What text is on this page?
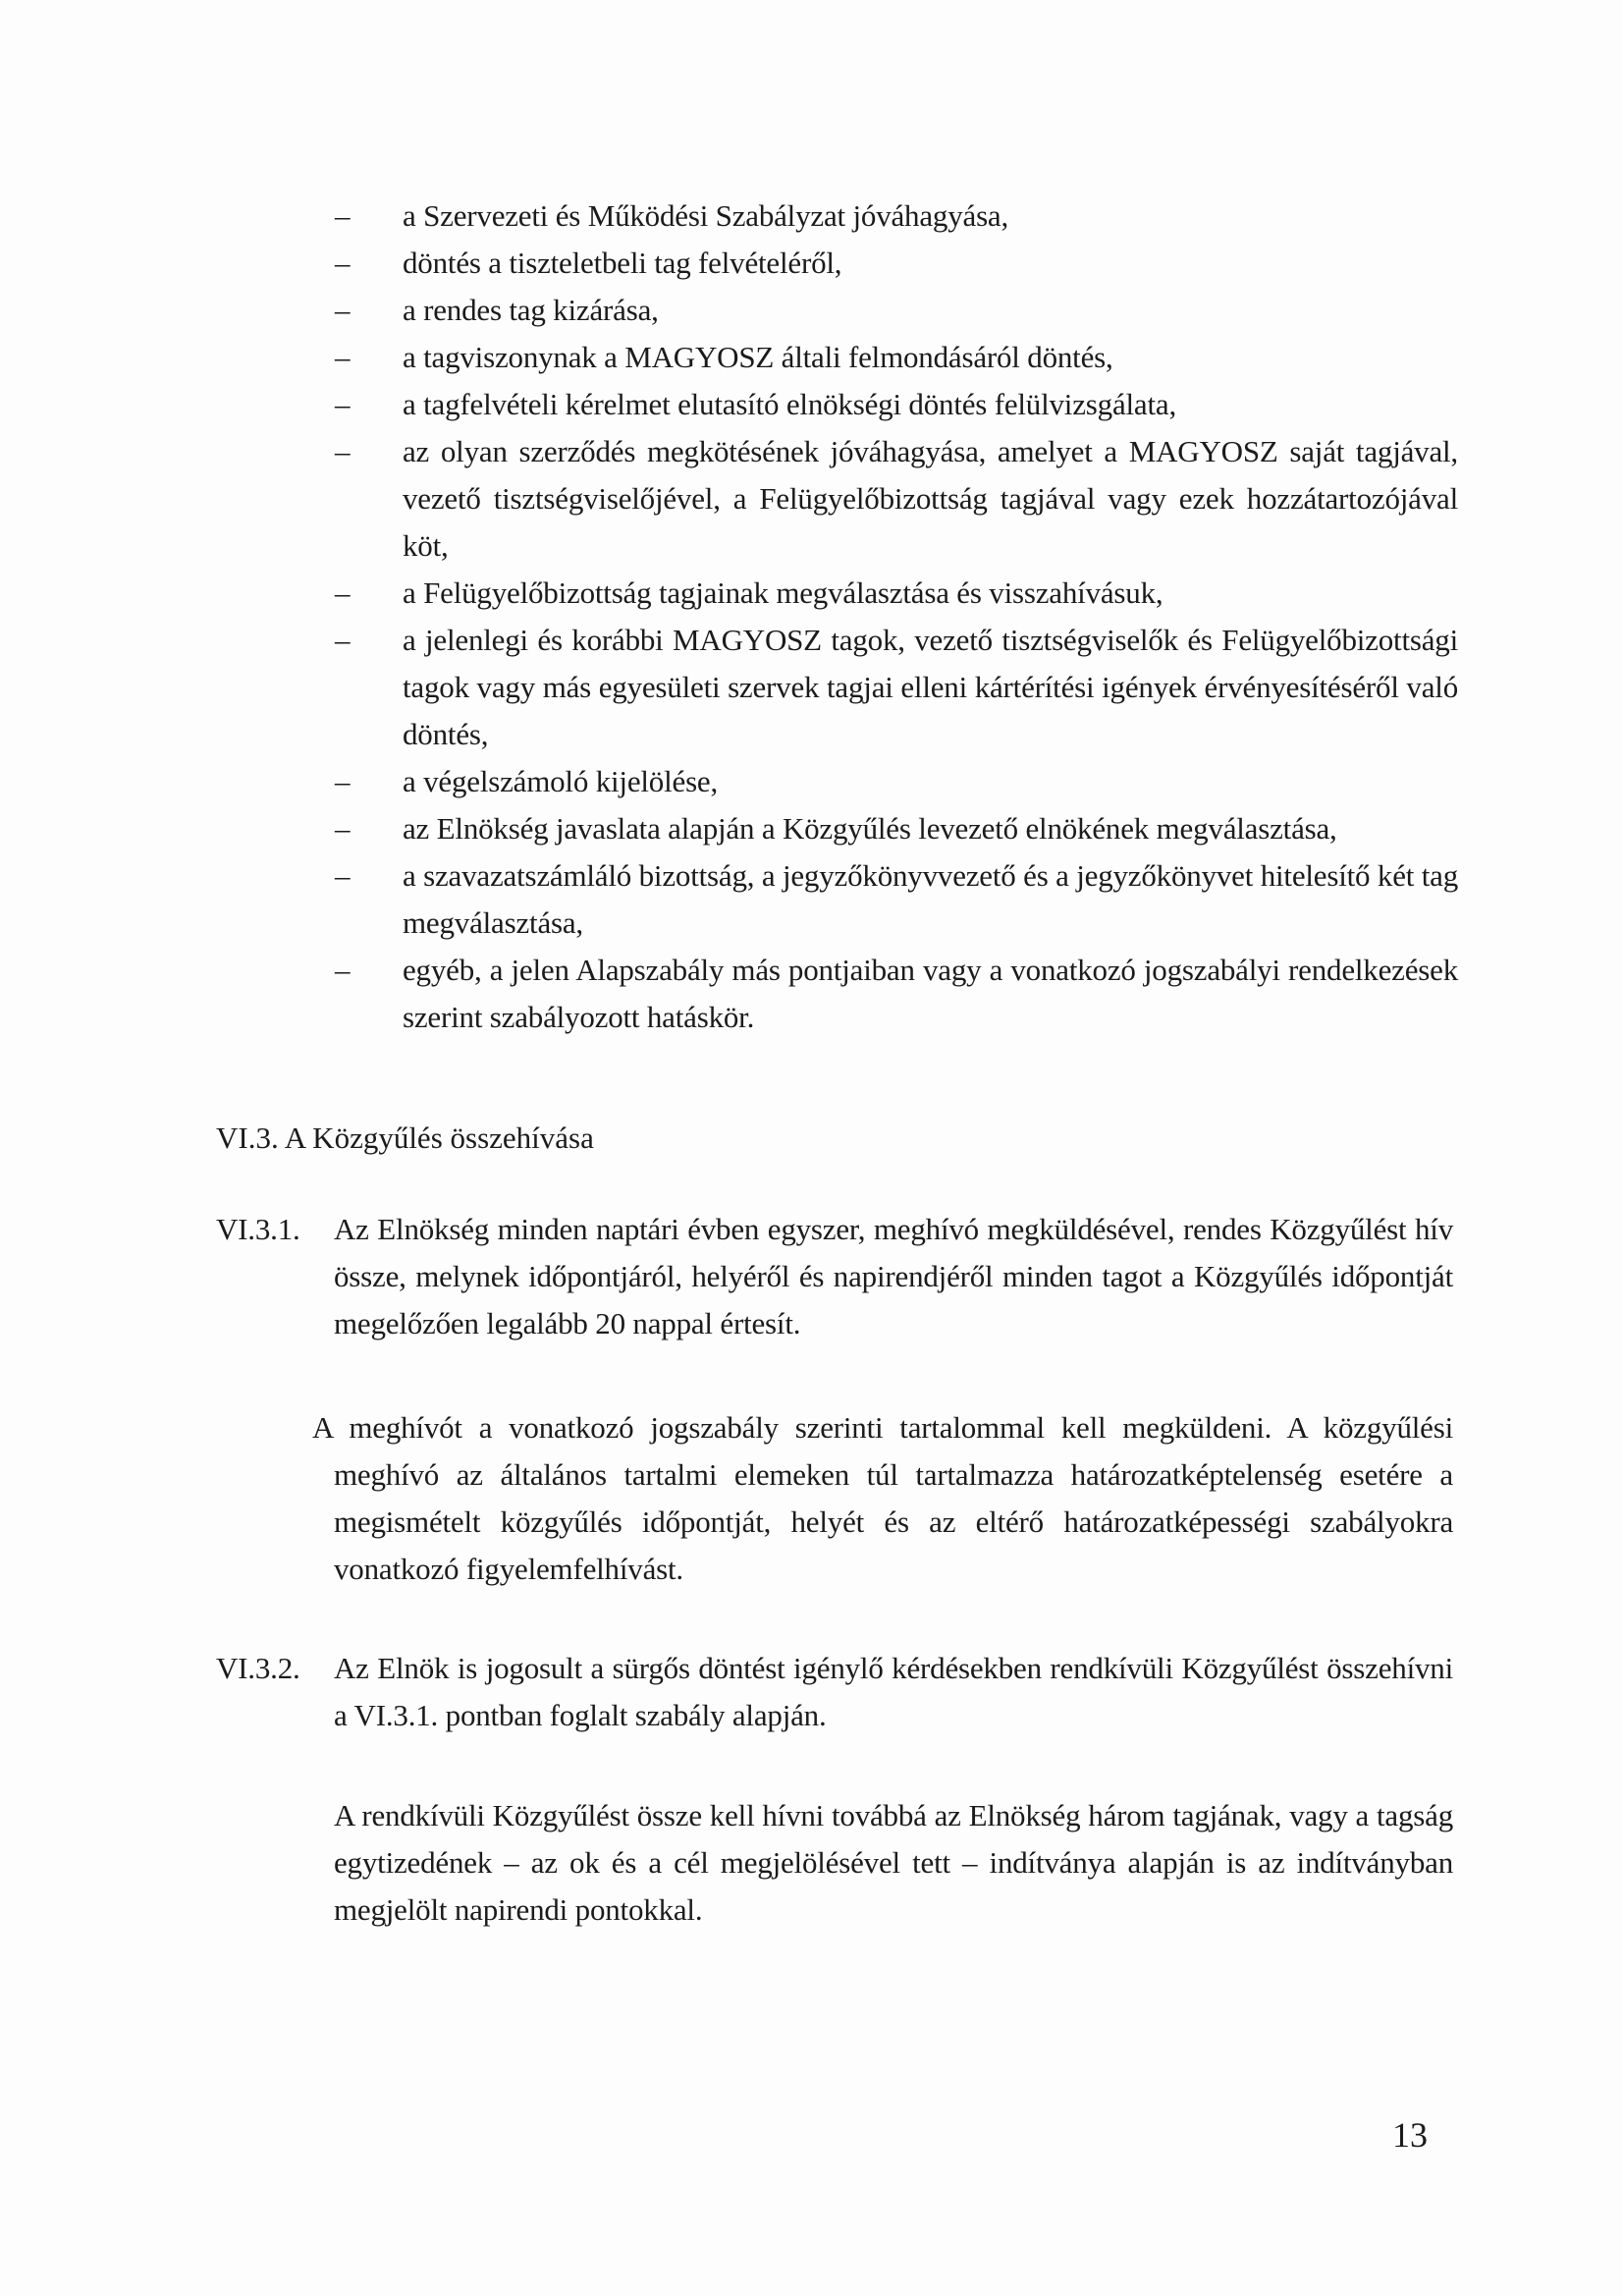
– a Szervezeti és Működési Szabályzat jóváhagyása,
– döntés a tiszteletbeli tag felvételéről,
– a rendes tag kizárása,
– a tagviszonynak a MAGYOSZ általi felmondásáról döntés,
– a tagfelvételi kérelmet elutasító elnökségi döntés felülvizsgálata,
– az olyan szerződés megkötésének jóváhagyása, amelyet a MAGYOSZ saját tagjával, vezető tisztségviselőjével, a Felügyelőbizottság tagjával vagy ezek hozzátartozójával köt,
– a Felügyelőbizottság tagjainak megválasztása és visszahívásuk,
– a jelenlegi és korábbi MAGYOSZ tagok, vezető tisztségviselők és Felügyelőbizottsági tagok vagy más egyesületi szervek tagjai elleni kártérítési igények érvényesítéséről való döntés,
– a végelszámoló kijelölése,
– az Elnökség javaslata alapján a Közgyűlés levezető elnökének megválasztása,
– a szavazatszámláló bizottság, a jegyzőkönyvvezető és a jegyzőkönyvet hitelesítő két tag megválasztása,
– egyéb, a jelen Alapszabály más pontjaiban vagy a vonatkozó jogszabályi rendelkezések szerint szabályozott hatáskör.
VI.3. A Közgyűlés összehívása
VI.3.1. Az Elnökség minden naptári évben egyszer, meghívó megküldésével, rendes Közgyűlést hív össze, melynek időpontjáról, helyéről és napirendjéről minden tagot a Közgyűlés időpontját megelőzően legalább 20 nappal értesít.
A meghívót a vonatkozó jogszabály szerinti tartalommal kell megküldeni. A közgyűlési meghívó az általános tartalmi elemeken túl tartalmazza határozatképtelenség esetére a megismételt közgyűlés időpontját, helyét és az eltérő határozatképességi szabályokra vonatkozó figyelemfelhívást.
VI.3.2. Az Elnök is jogosult a sürgős döntést igénylő kérdésekben rendkívüli Közgyűlést összehívni a VI.3.1. pontban foglalt szabály alapján.
A rendkívüli Közgyűlést össze kell hívni továbbá az Elnökség három tagjának, vagy a tagság egytizedének – az ok és a cél megjelölésével tett – indítványa alapján is az indítványban megjelölt napirendi pontokkal.
13
